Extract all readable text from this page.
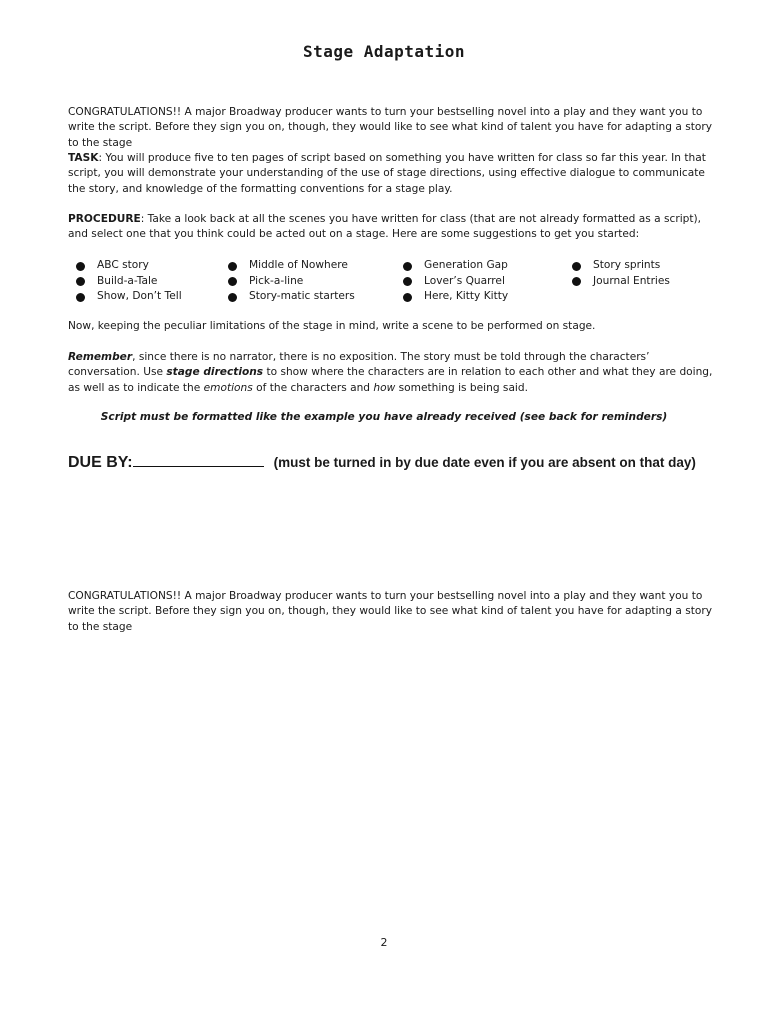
Stage Adaptation

CONGRATULATIONS!! A major Broadway producer wants to turn your bestselling novel into a play and they want you to write the script. Before they sign you on, though, they would like to see what kind of talent you have for adapting a story to the stage

TASK: You will produce five to ten pages of script based on something you have written for class so far this year. In that script, you will demonstrate your understanding of the use of stage directions, using effective dialogue to communicate the story, and knowledge of the formatting conventions for a stage play.

PROCEDURE: Take a look back at all the scenes you have written for class (that are not already formatted as a script), and select one that you think could be acted out on a stage. Here are some suggestions to get you started:

ABC story
Build-a-Tale
Show, Don’t Tell
Middle of Nowhere
Pick-a-line
Story-matic starters
Generation Gap
Lover’s Quarrel
Here, Kitty Kitty
Story sprints
Journal Entries

Now, keeping the peculiar limitations of the stage in mind, write a scene to be performed on stage.

Remember, since there is no narrator, there is no exposition. The story must be told through the characters’ conversation. Use stage directions to show where the characters are in relation to each other and what they are doing, as well as to indicate the emotions of the characters and how something is being said.

Script must be formatted like the example you have already received (see back for reminders)
DUE BY:	(must be turned in by due date even if you are absent on that day)

CONGRATULATIONS!! A major Broadway producer wants to turn your bestselling novel into a play and they want you to write the script. Before they sign you on, though, they would like to see what kind of talent you have for adapting a story to the stage

2
